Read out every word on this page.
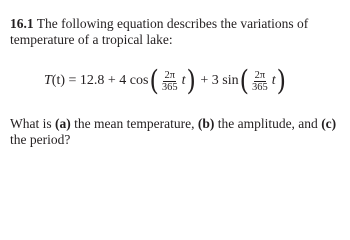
16.1 The following equation describes the variations of temperature of a tropical lake:

T(t)
= 12.8 + 4 cos ( $\frac{2\pi}{365}$ t )
+ 3 sin ( $\frac{2\pi}{365}$ t )

What is (a) the mean temperature, (b) the amplitude, and (c) the period?
